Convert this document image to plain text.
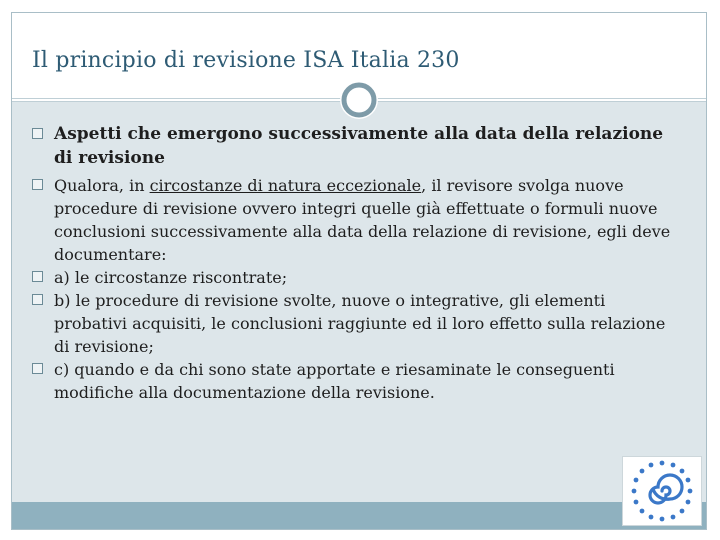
Il principio di revisione ISA Italia 230
Aspetti che emergono successivamente alla data della relazione di revisione
Qualora, in circostanze di natura eccezionale, il revisore svolga nuove procedure di revisione ovvero integri quelle già effettuate o formuli nuove conclusioni successivamente alla data della relazione di revisione, egli deve documentare:
a) le circostanze riscontrate;
b) le procedure di revisione svolte, nuove o integrative, gli elementi probativi acquisiti, le conclusioni raggiunte ed il loro effetto sulla relazione di revisione;
c) quando e da chi sono state apportate e riesaminate le conseguenti modifiche alla documentazione della revisione.
